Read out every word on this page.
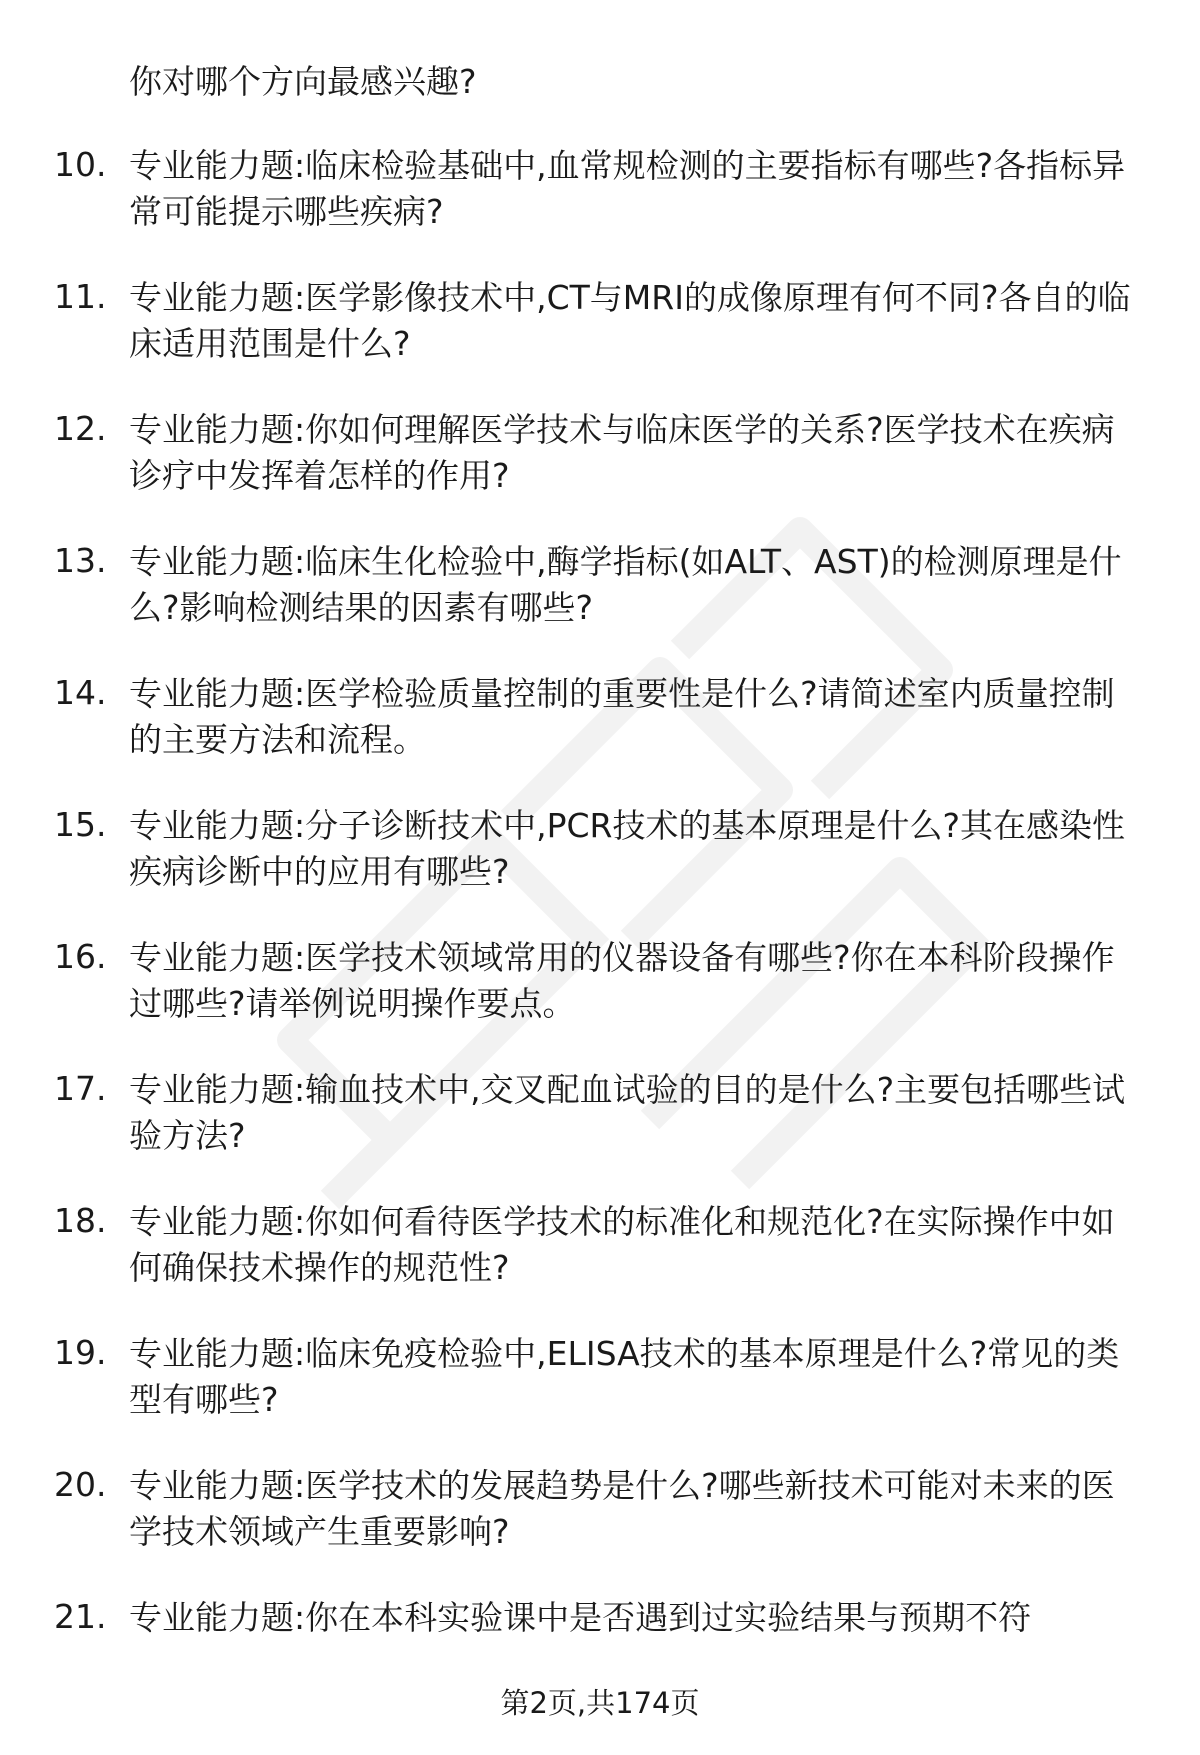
你对哪个方向最感兴趣?
10. 专业能力题:临床检验基础中,血常规检测的主要指标有哪些?各指标异常可能提示哪些疾病?
11. 专业能力题:医学影像技术中,CT与MRI的成像原理有何不同?各自的临床适用范围是什么?
12. 专业能力题:你如何理解医学技术与临床医学的关系?医学技术在疾病诊疗中发挥着怎样的作用?
13. 专业能力题:临床生化检验中,酶学指标(如ALT、AST)的检测原理是什么?影响检测结果的因素有哪些?
14. 专业能力题:医学检验质量控制的重要性是什么?请简述室内质量控制的主要方法和流程。
15. 专业能力题:分子诊断技术中,PCR技术的基本原理是什么?其在感染性疾病诊断中的应用有哪些?
16. 专业能力题:医学技术领域常用的仪器设备有哪些?你在本科阶段操作过哪些?请举例说明操作要点。
17. 专业能力题:输血技术中,交叉配血试验的目的是什么?主要包括哪些试验方法?
18. 专业能力题:你如何看待医学技术的标准化和规范化?在实际操作中如何确保技术操作的规范性?
19. 专业能力题:临床免疫检验中,ELISA技术的基本原理是什么?常见的类型有哪些?
20. 专业能力题:医学技术的发展趋势是什么?哪些新技术可能对未来的医学技术领域产生重要影响?
21. 专业能力题:你在本科实验课中是否遇到过实验结果与预期不符
第2页,共174页
